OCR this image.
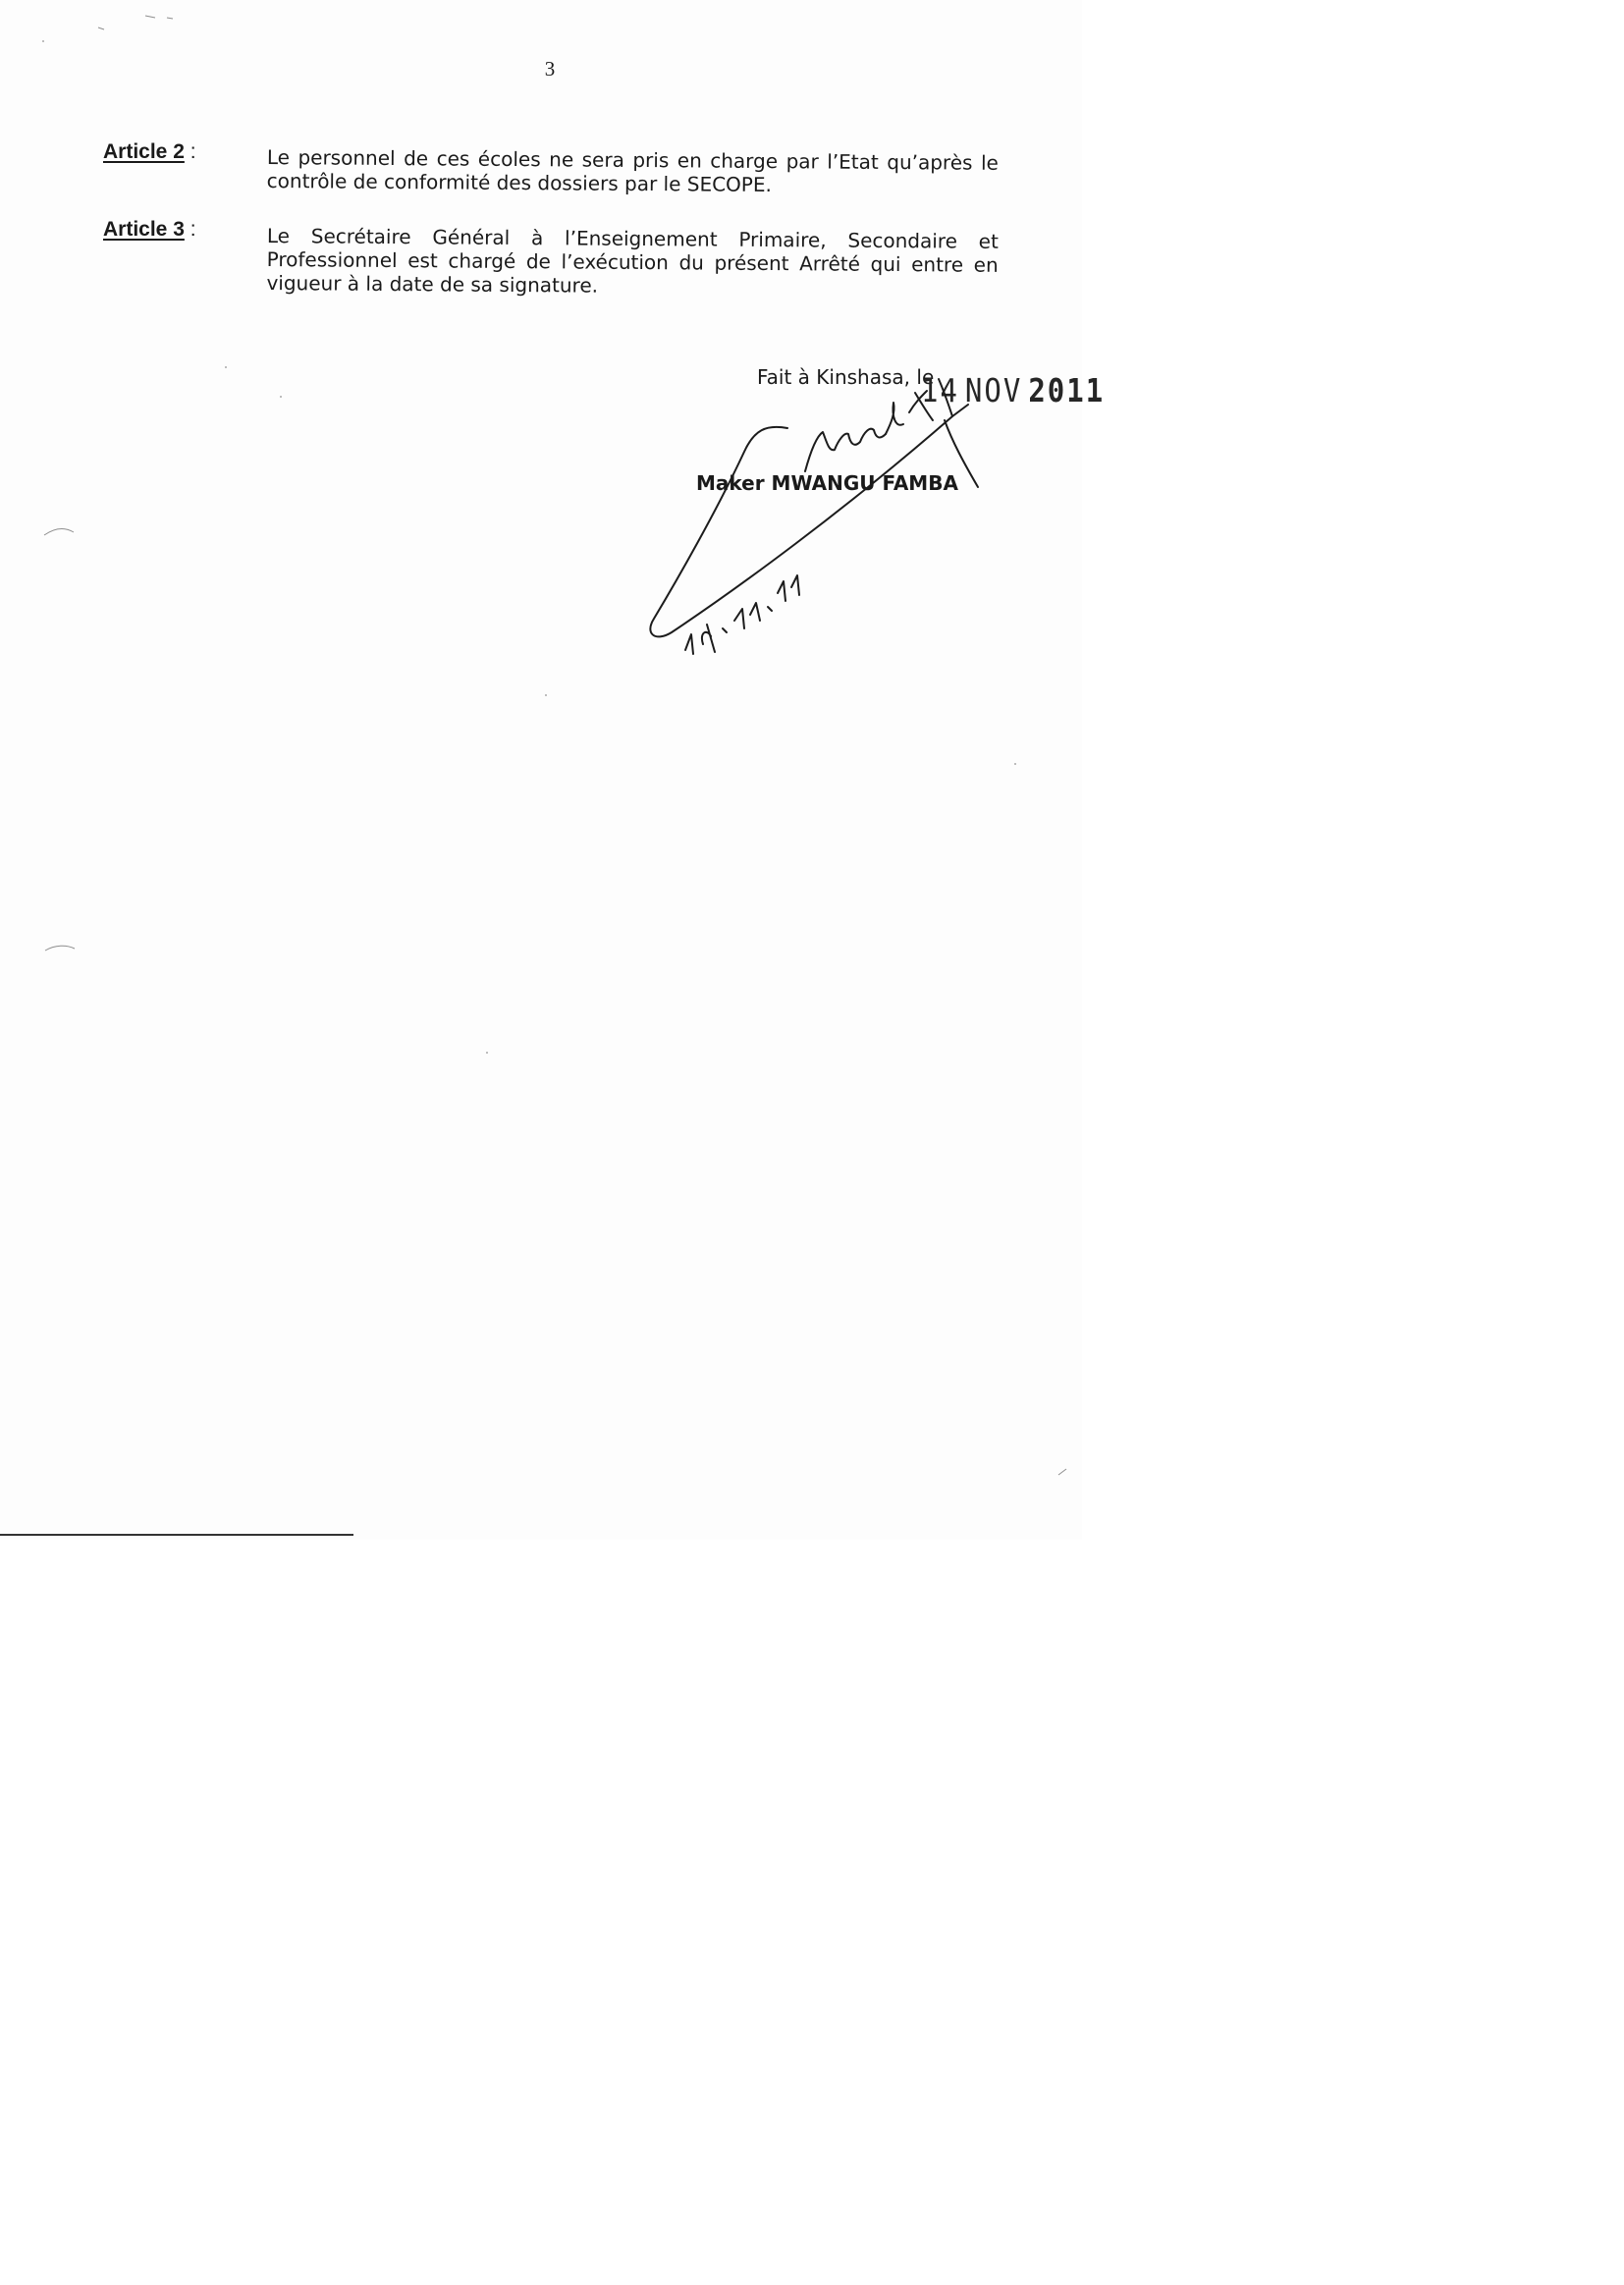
3
Article 2 :	Le personnel de ces écoles ne sera pris en charge par l’Etat qu’après le contrôle de conformité des dossiers par le SECOPE.
Article 3 :	Le Secrétaire Général à l’Enseignement Primaire, Secondaire et Professionnel est chargé de l’exécution du présent Arrêté qui entre en vigueur à la date de sa signature.
Fait à Kinshasa, le
14 NOV 2011
Maker MWANGU FAMBA
